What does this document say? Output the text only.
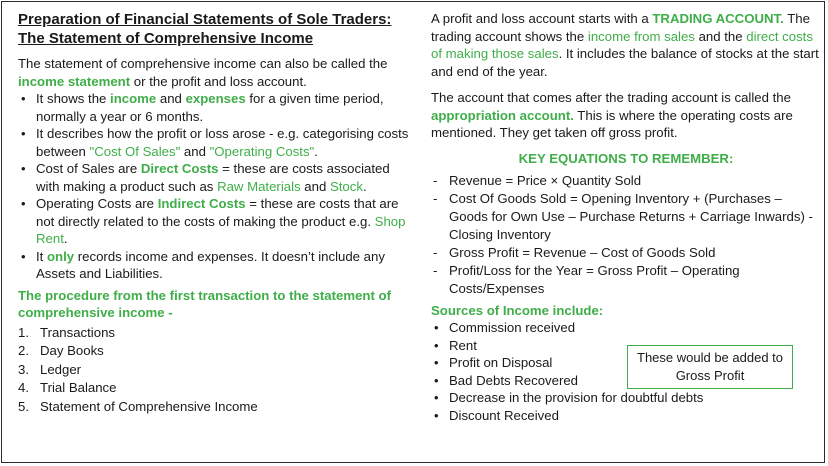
Preparation of Financial Statements of Sole Traders:
The Statement of Comprehensive Income

The statement of comprehensive income can also be called the income statement or the profit and loss account.

• It shows the income and expenses for a given time period, normally a year or 6 months.
• It describes how the profit or loss arose - e.g. categorising costs between "Cost Of Sales" and "Operating Costs".
• Cost of Sales are Direct Costs = these are costs associated with making a product such as Raw Materials and Stock.
• Operating Costs are Indirect Costs = these are costs that are not directly related to the costs of making the product e.g. Shop Rent.
• It only records income and expenses. It doesn’t include any Assets and Liabilities.

The procedure from the first transaction to the statement of comprehensive income -

1. Transactions
2. Day Books
3. Ledger
4. Trial Balance
5. Statement of Comprehensive Income

A profit and loss account starts with a TRADING ACCOUNT. The trading account shows the income from sales and the direct costs of making those sales. It includes the balance of stocks at the start and end of the year.

The account that comes after the trading account is called the appropriation account. This is where the operating costs are mentioned. They get taken off gross profit.

KEY EQUATIONS TO REMEMBER:

- Revenue = Price × Quantity Sold
- Cost Of Goods Sold = Opening Inventory + (Purchases – Goods for Own Use – Purchase Returns + Carriage Inwards) - Closing Inventory
- Gross Profit = Revenue – Cost of Goods Sold
- Profit/Loss for the Year = Gross Profit – Operating Costs/Expenses

Sources of Income include:

• Commission received
• Rent
• Profit on Disposal
• Bad Debts Recovered
• Decrease in the provision for doubtful debts
• Discount Received
These would be added to Gross Profit
